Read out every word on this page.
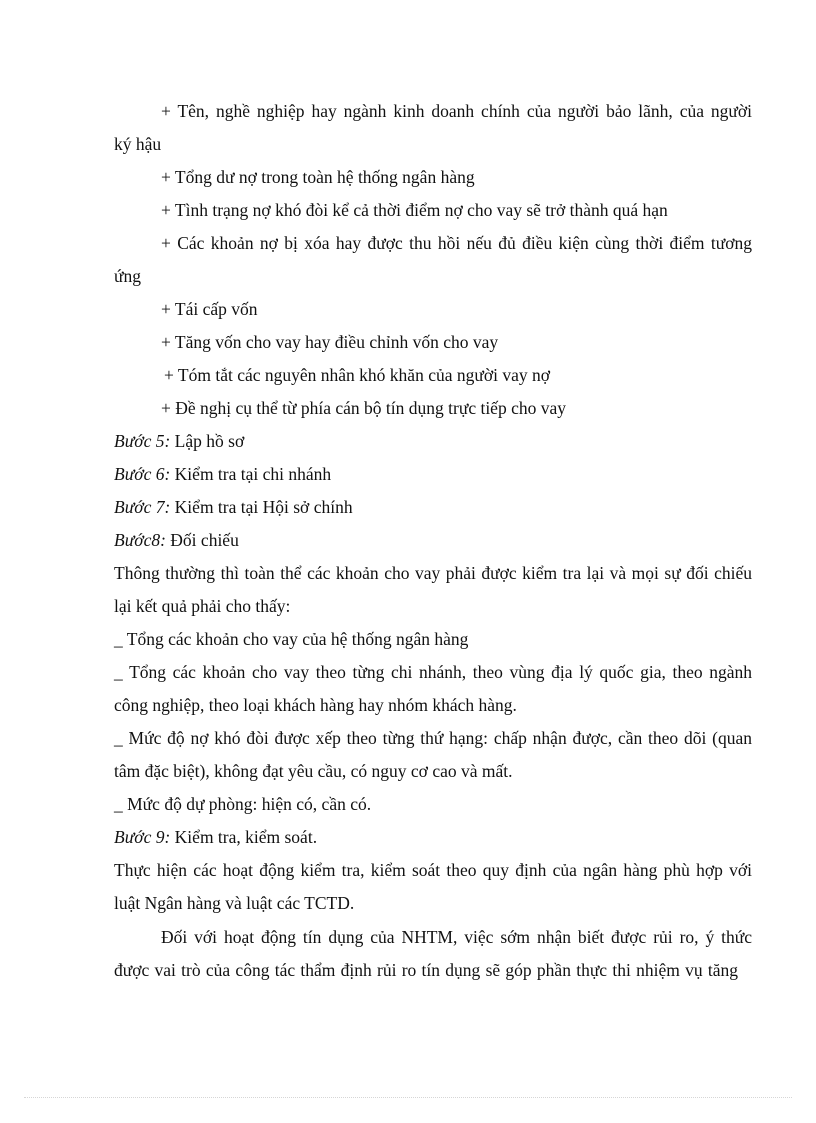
+ Tên, nghề nghiệp hay ngành kinh doanh chính của người bảo lãnh, của người
ký hậu
+ Tổng dư nợ trong toàn hệ thống ngân hàng
+ Tình trạng nợ khó đòi kể cả thời điểm nợ cho vay sẽ trở thành quá hạn
+ Các khoản nợ bị xóa hay được thu hồi nếu đủ điều kiện cùng thời điểm tương
ứng
+ Tái cấp vốn
+ Tăng vốn cho vay hay điều chỉnh vốn cho vay
+ Tóm tắt các nguyên nhân khó khăn của người vay nợ
+ Đề nghị cụ thể từ phía cán bộ tín dụng trực tiếp cho vay
Bước 5: Lập hồ sơ
Bước 6: Kiểm tra tại chi nhánh
Bước 7: Kiểm tra tại Hội sở chính
Bước8: Đối chiếu
Thông thường thì toàn thể các khoản cho vay phải được kiểm tra lại và mọi sự đối chiếu
lại kết quả phải cho thấy:
_ Tổng các khoản cho vay của hệ thống ngân hàng
_ Tổng các khoản cho vay theo từng chi nhánh, theo vùng địa lý quốc gia, theo ngành
công nghiệp, theo loại khách hàng hay nhóm khách hàng.
_ Mức độ nợ khó đòi được xếp theo từng thứ hạng: chấp nhận được, cần theo dõi (quan
tâm đặc biệt), không đạt yêu cầu, có nguy cơ cao và mất.
_ Mức độ dự phòng: hiện có, cần có.
Bước 9: Kiểm tra, kiểm soát.
Thực hiện các hoạt động kiểm tra, kiểm soát theo quy định của ngân hàng phù hợp với
luật Ngân hàng và luật các TCTD.
Đối với hoạt động tín dụng của NHTM, việc sớm nhận biết được rủi ro, ý thức
được vai trò của công tác thẩm định rủi ro tín dụng sẽ góp phần thực thi nhiệm vụ tăng
